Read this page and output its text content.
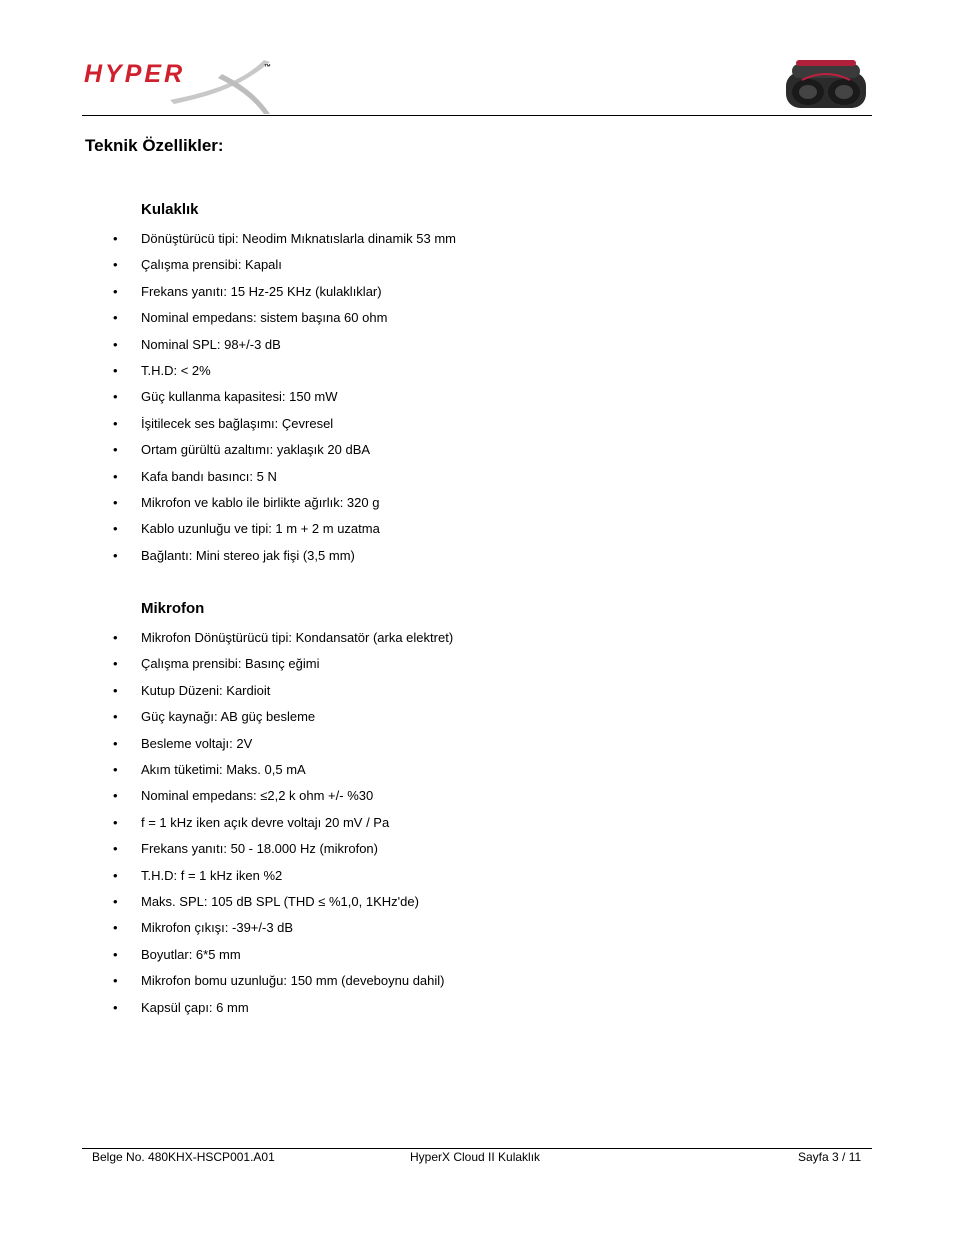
HYPER	™
Teknik Özellikler:
Kulaklık
• Dönüştürücü tipi: Neodim Mıknatıslarla dinamik 53 mm
• Çalışma prensibi: Kapalı
• Frekans yanıtı: 15 Hz-25 KHz (kulaklıklar)
• Nominal empedans: sistem başına 60 ohm
• Nominal SPL: 98+/-3 dB
• T.H.D: < 2%
• Güç kullanma kapasitesi: 150 mW
• İşitilecek ses bağlaşımı: Çevresel
• Ortam gürültü azaltımı: yaklaşık 20 dBA
• Kafa bandı basıncı: 5 N
• Mikrofon ve kablo ile birlikte ağırlık: 320 g
• Kablo uzunluğu ve tipi: 1 m + 2 m uzatma
• Bağlantı: Mini stereo jak fişi (3,5 mm)
Mikrofon
• Mikrofon Dönüştürücü tipi: Kondansatör (arka elektret)
• Çalışma prensibi: Basınç eğimi
• Kutup Düzeni: Kardioit
• Güç kaynağı: AB güç besleme
• Besleme voltajı: 2V
• Akım tüketimi: Maks. 0,5 mA
• Nominal empedans: ≤2,2 k ohm +/- %30
• f = 1 kHz iken açık devre voltajı 20 mV / Pa
• Frekans yanıtı: 50 - 18.000 Hz (mikrofon)
• T.H.D: f = 1 kHz iken %2
• Maks. SPL: 105 dB SPL (THD ≤ %1,0, 1KHz'de)
• Mikrofon çıkışı: -39+/-3 dB
• Boyutlar: 6*5 mm
• Mikrofon bomu uzunluğu: 150 mm (deveboynu dahil)
• Kapsül çapı: 6 mm
Belge No. 480KHX-HSCP001.A01	HyperX Cloud II Kulaklık	Sayfa 3 / 11
